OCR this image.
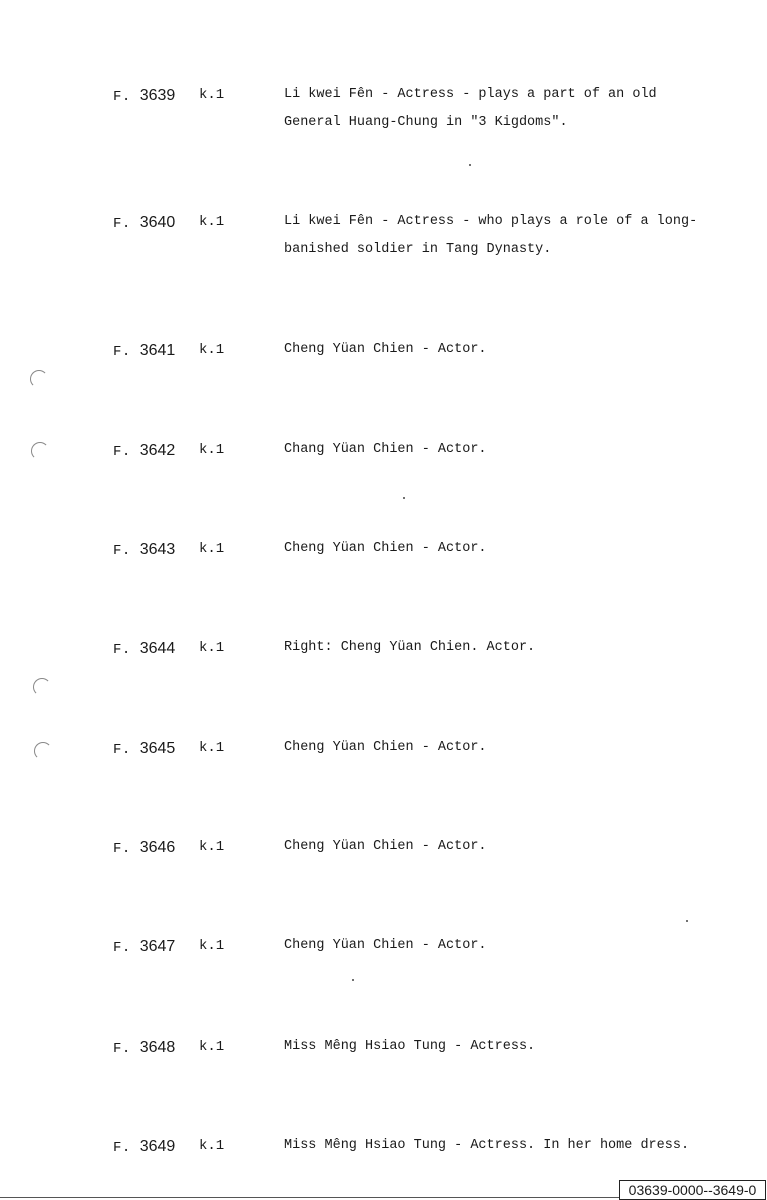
F. 3639 k.1	Li kwei Fên - Actress - plays a part of an old
General Huang-Chung in "3 Kigdoms".
F. 3640 k.1	Li kwei Fên - Actress - who plays a role of a long-
banished soldier in Tang Dynasty.
F. 3641 k.1	Cheng Yüan Chien - Actor.
F. 3642 k.1	Chang Yüan Chien - Actor.
F. 3643 k.1	Cheng Yüan Chien - Actor.
F. 3644 k.1	Right: Cheng Yüan Chien. Actor.
F. 3645 k.1	Cheng Yüan Chien - Actor.
F. 3646 k.1	Cheng Yüan Chien - Actor.
F. 3647 k.1	Cheng Yüan Chien - Actor.
F. 3648 k.1	Miss Mêng Hsiao Tung - Actress.
F. 3649 k.1	Miss Mêng Hsiao Tung - Actress. In her home dress.
03639-0000--3649-0
